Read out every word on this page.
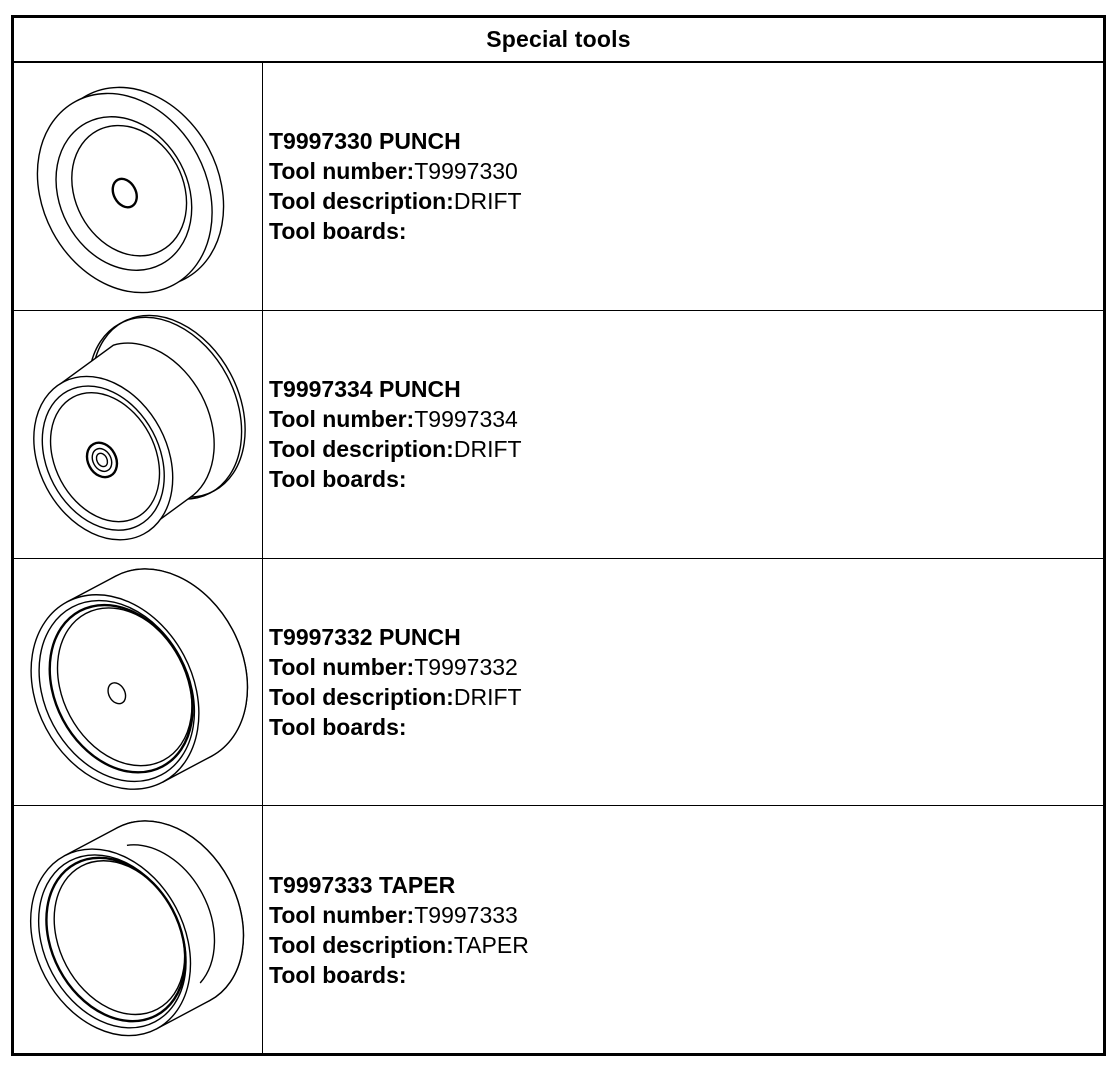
Special tools
T9997330 PUNCH
Tool number:T9997330
Tool description:DRIFT
Tool boards:
T9997334 PUNCH
Tool number:T9997334
Tool description:DRIFT
Tool boards:
T9997332 PUNCH
Tool number:T9997332
Tool description:DRIFT
Tool boards:
T9997333 TAPER
Tool number:T9997333
Tool description:TAPER
Tool boards:
